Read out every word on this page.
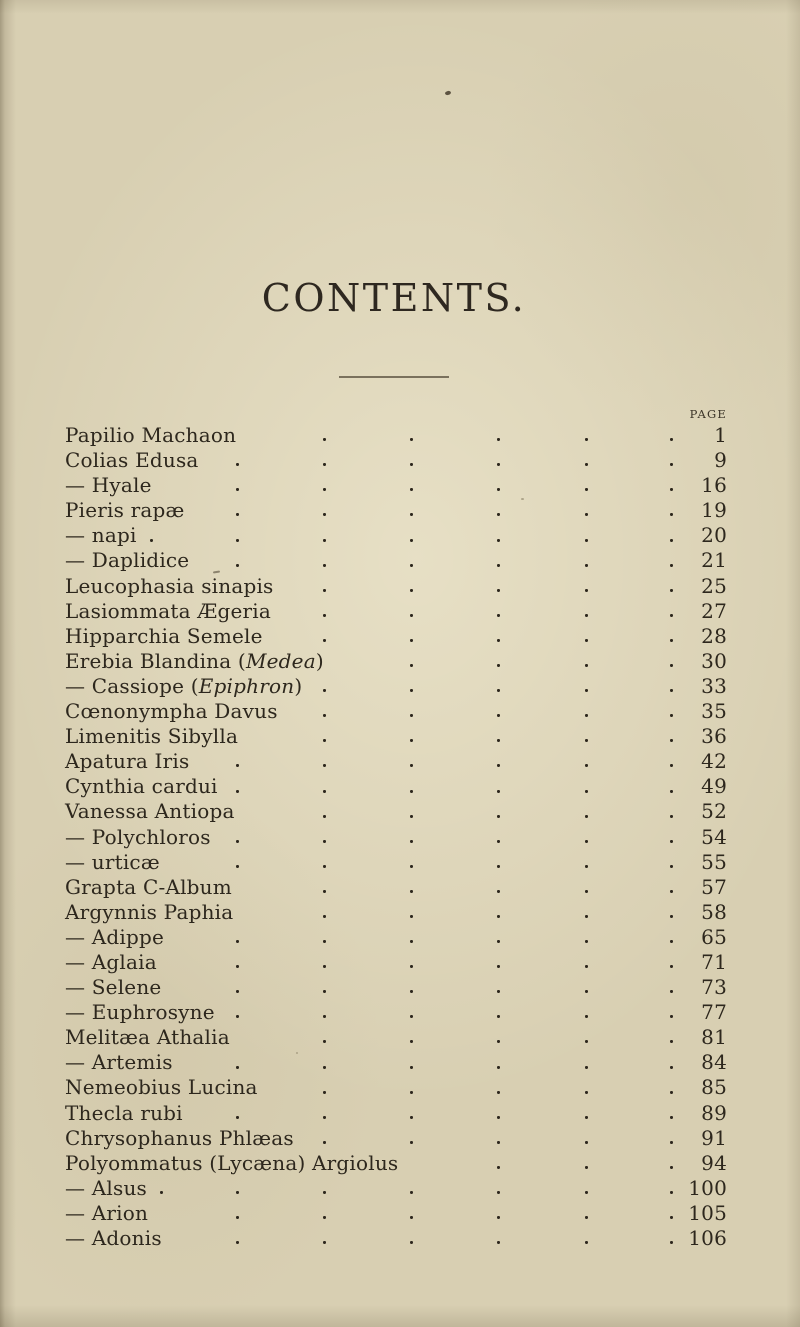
CONTENTS.
PAGE
Papilio Machaon	1
Colias Edusa	9
— Hyale	16
Pieris rapæ	19
— napi	20
— Daplidice	21
Leucophasia sinapis	25
Lasiommata Ægeria	27
Hipparchia Semele	28
Erebia Blandina (Medea)	30
— Cassiope (Epiphron)	33
Cœnonympha Davus	35
Limenitis Sibylla	36
Apatura Iris	42
Cynthia cardui	49
Vanessa Antiopa	52
— Polychloros	54
— urticæ	55
Grapta C-Album	57
Argynnis Paphia	58
— Adippe	65
— Aglaia	71
— Selene	73
— Euphrosyne	77
Melitæa Athalia	81
— Artemis	84
Nemeobius Lucina	85
Thecla rubi	89
Chrysophanus Phlæas	91
Polyommatus (Lycæna) Argiolus	94
— Alsus	100
— Arion	105
— Adonis	106
